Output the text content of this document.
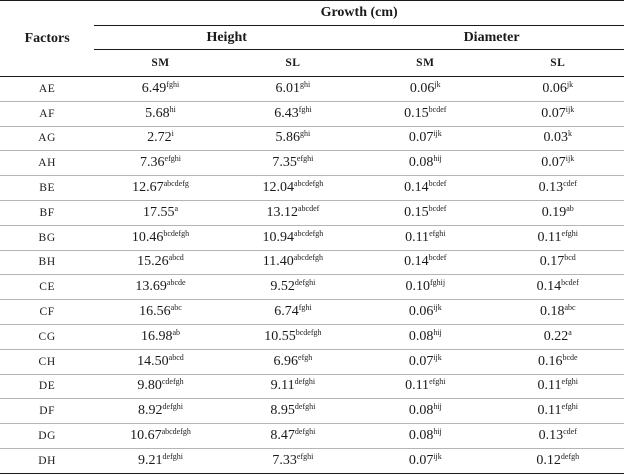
Factors	Growth (cm)			
	Height		Diameter	
	SM	SL	SM	SL
AE	$6.49^{fghi}$	$6.01^{ghi}$	$0.06^{jk}$	$0.06^{jk}$
AF	$5.68^{hi}$	$6.43^{fghi}$	$0.15^{bcdef}$	$0.07^{ijk}$
AG	2.72$^i$	$5.86^{ghi}$	$0.07^{ijk}$	0.03$^k$
AH	$7.36^{efghi}$	$7.35^{efghi}$	$0.08^{hij}$	$0.07^{ijk}$
BE	$12.67^{abcdefg}$	$12.04^{abcdefgh}$	$0.14^{bcdef}$	$0.13^{cdef}$
BF	17.55$^a$	$13.12^{abcdef}$	$0.15^{bcdef}$	0.19$^{ab}$
BG	$10.46^{bcdefgh}$	$10.94^{abcdefgh}$	$0.11^{efghi}$	$0.11^{efghi}$
BH	$15.26^{abcd}$	$11.40^{abcdefgh}$	$0.14^{bcdef}$	0.17$^{bcd}$
CE	$13.69^{abcde}$	$9.52^{defghi}$	$0.10^{fghij}$	$0.14^{bcdef}$
CF	16.56$^{abc}$	$6.74^{fghi}$	$0.06^{ijk}$	0.18$^{abc}$
CG	16.98$^{ab}$	$10.55^{bcdefgh}$	$0.08^{hij}$	0.22$^a$
CH	$14.50^{abcd}$	$6.96^{efgh}$	$0.07^{ijk}$	$0.16^{bcde}$
DE	$9.80^{cdefgh}$	$9.11^{defghi}$	$0.11^{efghi}$	$0.11^{efghi}$
DF	$8.92^{defghi}$	$8.95^{defghi}$	$0.08^{hij}$	$0.11^{efghi}$
DG	$10.67^{abcdefgh}$	$8.47^{defghi}$	$0.08^{hij}$	$0.13^{cdef}$
DH	$9.21^{defghi}$	$7.33^{efghi}$	$0.07^{ijk}$	$0.12^{defgh}$
